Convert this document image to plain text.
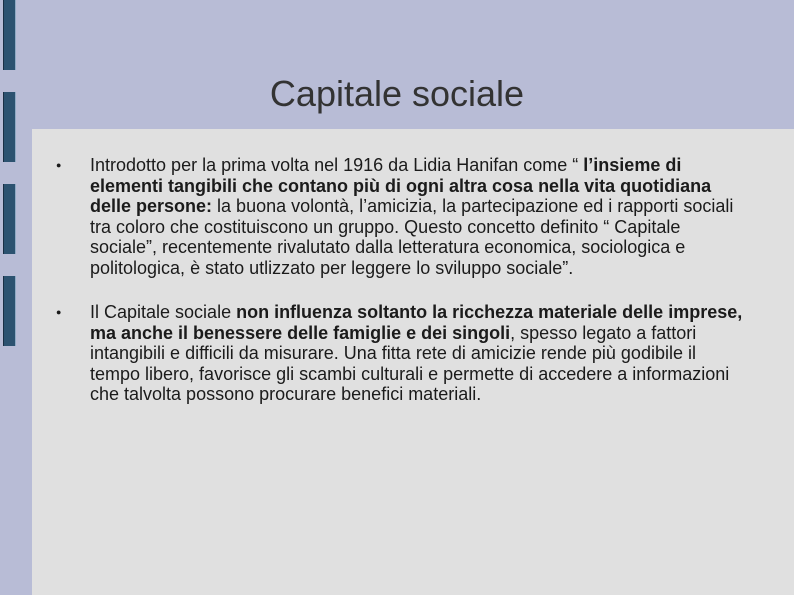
Capitale sociale
● Introdotto per la prima volta nel 1916 da Lidia Hanifan come “ l’insieme di elementi tangibili che contano più di ogni altra cosa nella vita quotidiana delle persone: la buona volontà, l’amicizia, la partecipazione ed i rapporti sociali tra coloro che costituiscono un gruppo. Questo concetto definito “ Capitale sociale”, recentemente rivalutato dalla letteratura economica, sociologica e politologica, è stato utlizzato per leggere lo sviluppo sociale”.
● Il Capitale sociale non influenza soltanto la ricchezza materiale delle imprese, ma anche il benessere delle famiglie e dei singoli, spesso legato a fattori intangibili e difficili da misurare. Una fitta rete di amicizie rende più godibile il tempo libero, favorisce gli scambi culturali e permette di accedere a informazioni che talvolta possono procurare benefici materiali.
